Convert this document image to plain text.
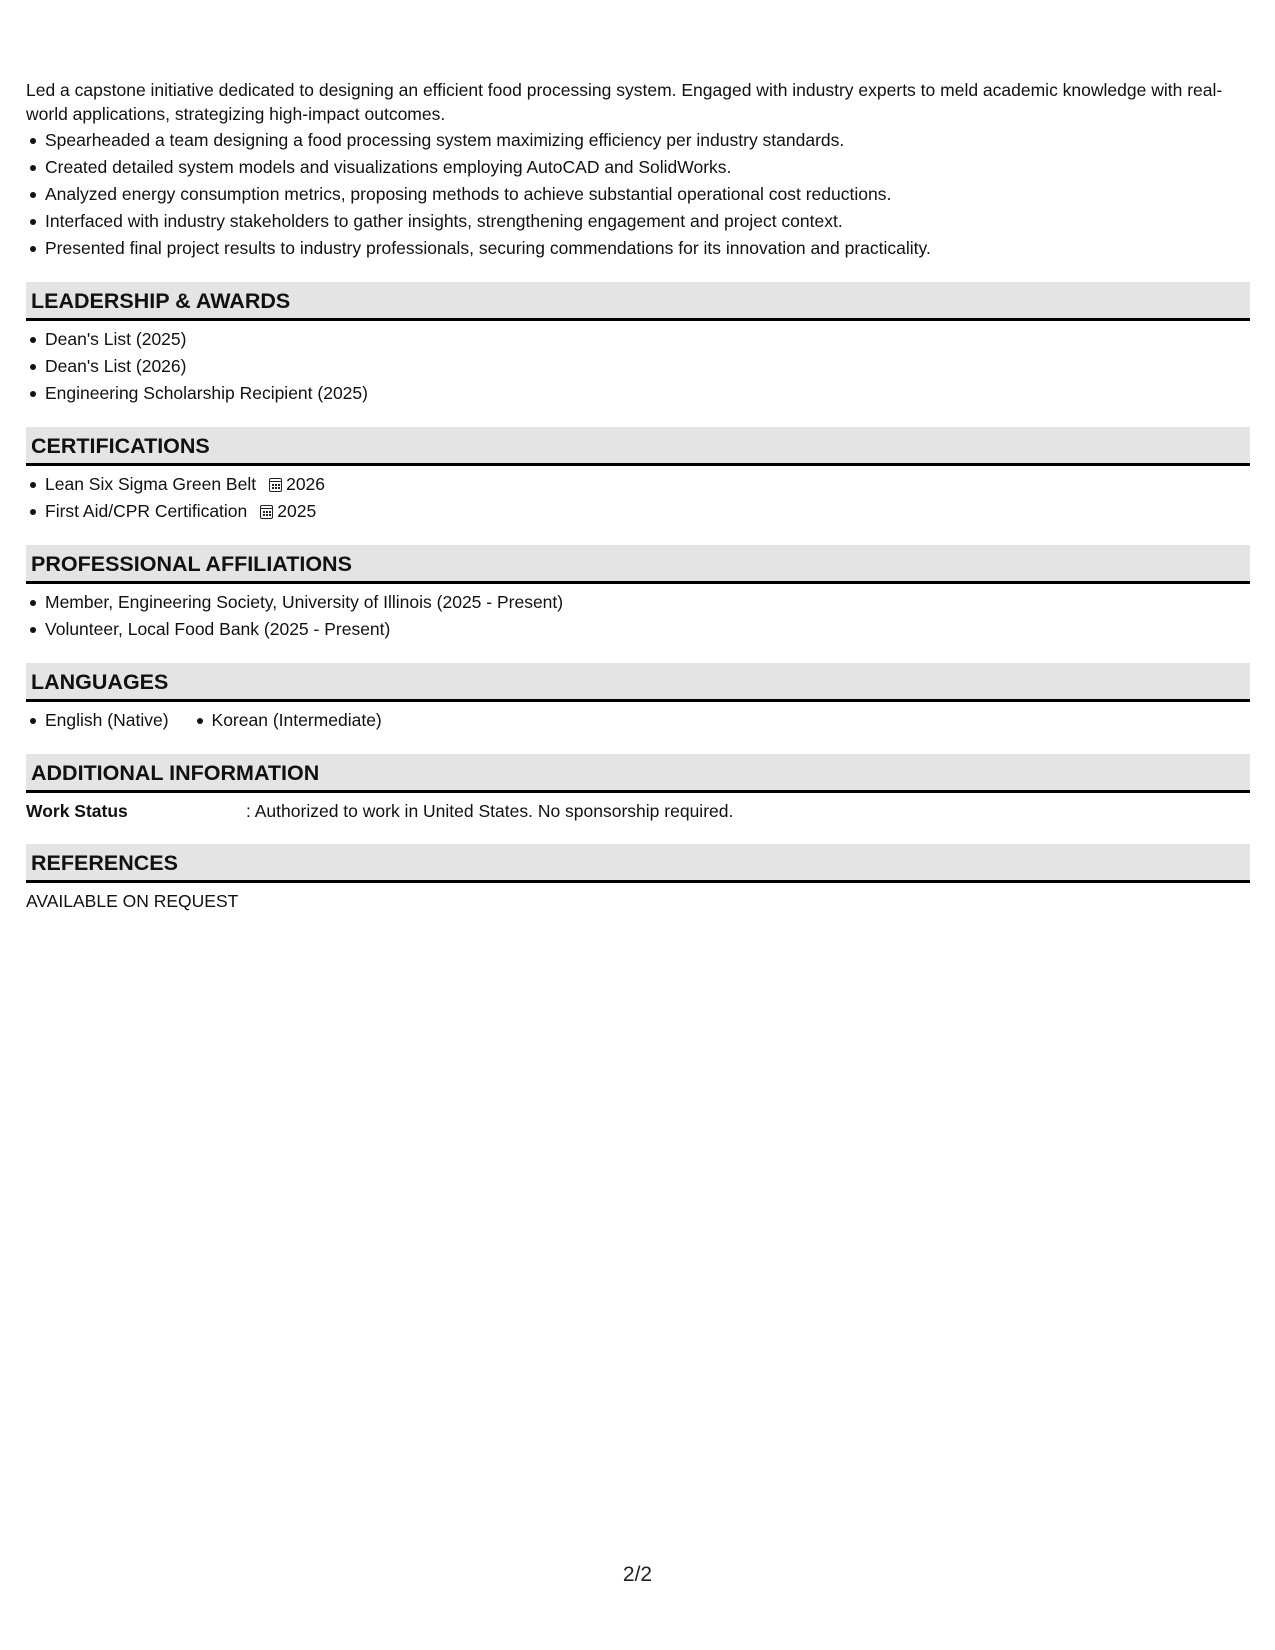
Led a capstone initiative dedicated to designing an efficient food processing system. Engaged with industry experts to meld academic knowledge with real-world applications, strategizing high-impact outcomes.

Spearheaded a team designing a food processing system maximizing efficiency per industry standards.
Created detailed system models and visualizations employing AutoCAD and SolidWorks.
Analyzed energy consumption metrics, proposing methods to achieve substantial operational cost reductions.
Interfaced with industry stakeholders to gather insights, strengthening engagement and project context.
Presented final project results to industry professionals, securing commendations for its innovation and practicality.
LEADERSHIP & AWARDS
Dean's List (2025)
Dean's List (2026)
Engineering Scholarship Recipient (2025)
CERTIFICATIONS
Lean Six Sigma Green Belt 2026
First Aid/CPR Certification 2025
PROFESSIONAL AFFILIATIONS
Member, Engineering Society, University of Illinois (2025 - Present)
Volunteer, Local Food Bank (2025 - Present)
LANGUAGES
English (Native) Korean (Intermediate)
ADDITIONAL INFORMATION
Work Status	: Authorized to work in United States. No sponsorship required.
REFERENCES
AVAILABLE ON REQUEST
2/2
